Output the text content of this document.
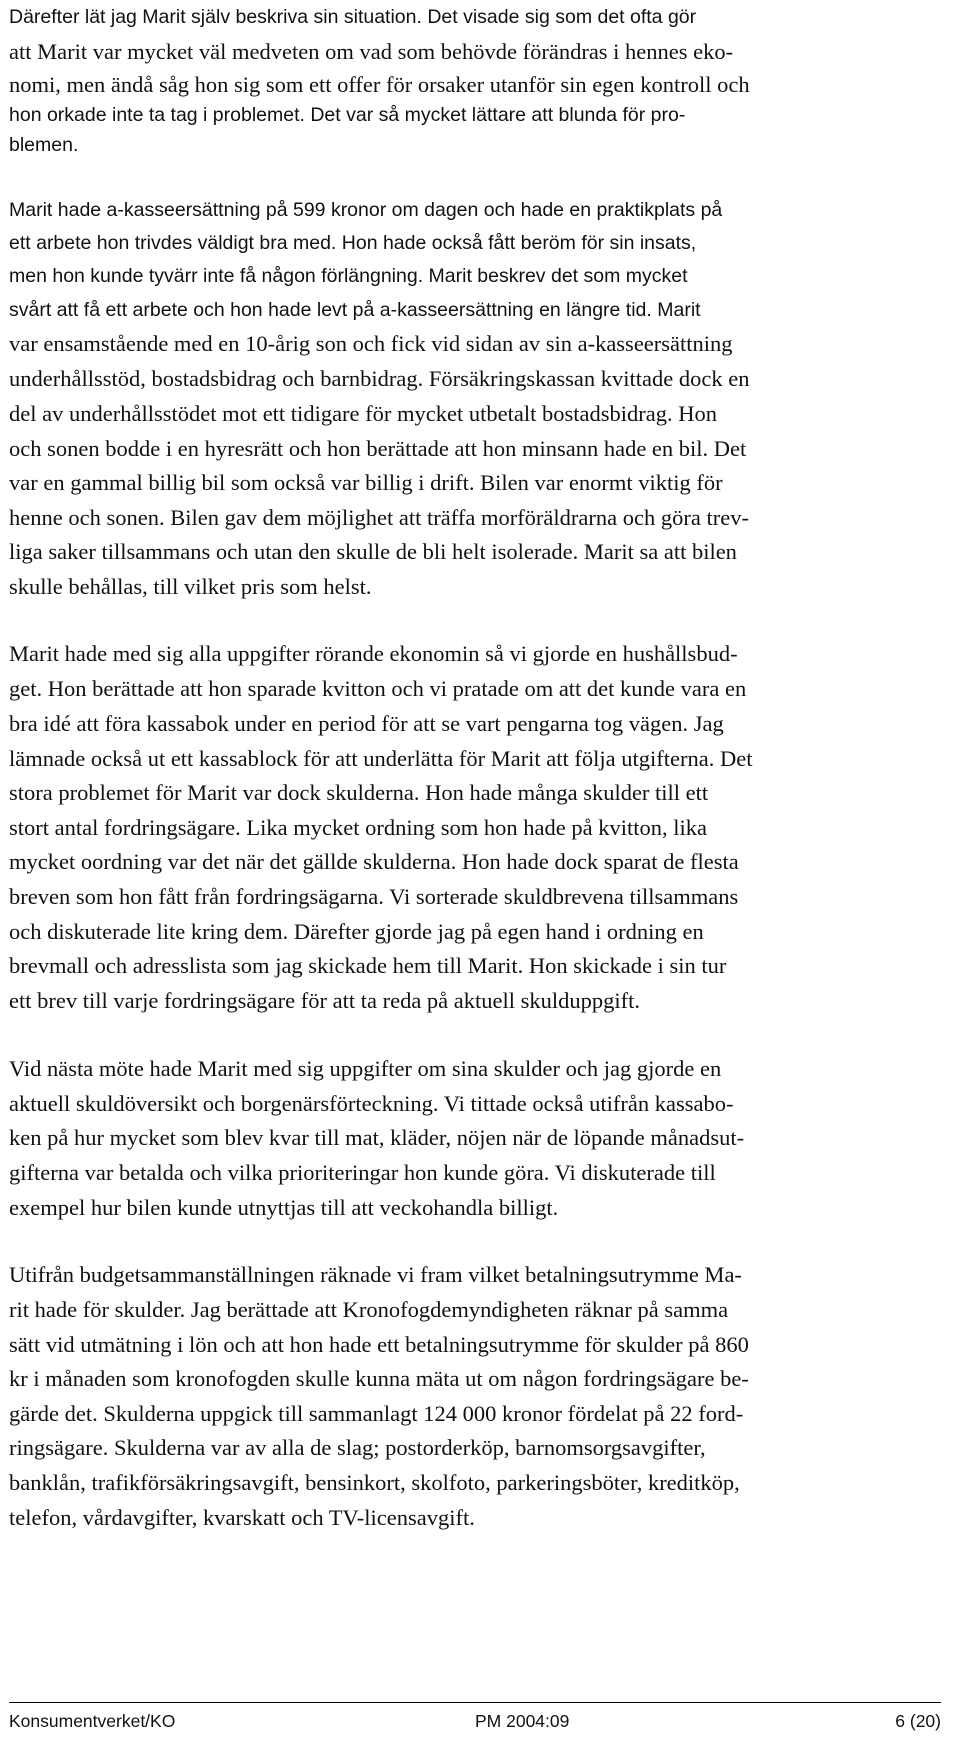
Därefter lät jag Marit själv beskriva sin situation. Det visade sig som det ofta gör
att Marit var mycket väl medveten om vad som behövde förändras i hennes eko-
nomi, men ändå såg hon sig som ett offer för orsaker utanför sin egen kontroll och
hon orkade inte ta tag i problemet. Det var så mycket lättare att blunda för pro-
blemen.
Marit hade a-kasseersättning på 599 kronor om dagen och hade en praktikplats på
ett arbete hon trivdes väldigt bra med. Hon hade också fått beröm för sin insats,
men hon kunde tyvärr inte få någon förlängning. Marit beskrev det som mycket
svårt att få ett arbete och hon hade levt på a-kasseersättning en längre tid. Marit
var ensamstående med en 10-årig son och fick vid sidan av sin a-kasseersättning
underhållsstöd, bostadsbidrag och barnbidrag. Försäkringskassan kvittade dock en
del av underhållsstödet mot ett tidigare för mycket utbetalt bostadsbidrag. Hon
och sonen bodde i en hyresrätt och hon berättade att hon minsann hade en bil. Det
var en gammal billig bil som också var billig i drift. Bilen var enormt viktig för
henne och sonen. Bilen gav dem möjlighet att träffa morföräldrarna och göra trev-
liga saker tillsammans och utan den skulle de bli helt isolerade. Marit sa att bilen
skulle behållas, till vilket pris som helst.
Marit hade med sig alla uppgifter rörande ekonomin så vi gjorde en hushållsbud-
get. Hon berättade att hon sparade kvitton och vi pratade om att det kunde vara en
bra idé att föra kassabok under en period för att se vart pengarna tog vägen. Jag
lämnade också ut ett kassablock för att underlätta för Marit att följa utgifterna. Det
stora problemet för Marit var dock skulderna. Hon hade många skulder till ett
stort antal fordringsägare. Lika mycket ordning som hon hade på kvitton, lika
mycket oordning var det när det gällde skulderna. Hon hade dock sparat de flesta
breven som hon fått från fordringsägarna. Vi sorterade skuldbrevena tillsammans
och diskuterade lite kring dem. Därefter gjorde jag på egen hand i ordning en
brevmall och adresslista som jag skickade hem till Marit. Hon skickade i sin tur
ett brev till varje fordringsägare för att ta reda på aktuell skulduppgift.
Vid nästa möte hade Marit med sig uppgifter om sina skulder och jag gjorde en
aktuell skuldöversikt och borgenärsförteckning. Vi tittade också utifrån kassabo-
ken på hur mycket som blev kvar till mat, kläder, nöjen när de löpande månadsut-
gifterna var betalda och vilka prioriteringar hon kunde göra. Vi diskuterade till
exempel hur bilen kunde utnyttjas till att veckohandla billigt.
Utifrån budgetsammanställningen räknade vi fram vilket betalningsutrymme Ma-
rit hade för skulder. Jag berättade att Kronofogdemyndigheten räknar på samma
sätt vid utmätning i lön och att hon hade ett betalningsutrymme för skulder på 860
kr i månaden som kronofogden skulle kunna mäta ut om någon fordringsägare be-
gärde det. Skulderna uppgick till sammanlagt 124 000 kronor fördelat på 22 ford-
ringsägare. Skulderna var av alla de slag; postorderköp, barnomsorgsavgifter,
banklån, trafikförsäkringsavgift, bensinkort, skolfoto, parkeringsböter, kreditköp,
telefon, vårdavgifter, kvarskatt och TV-licensavgift.
Konsumentverket/KO	PM 2004:09	6 (20)
